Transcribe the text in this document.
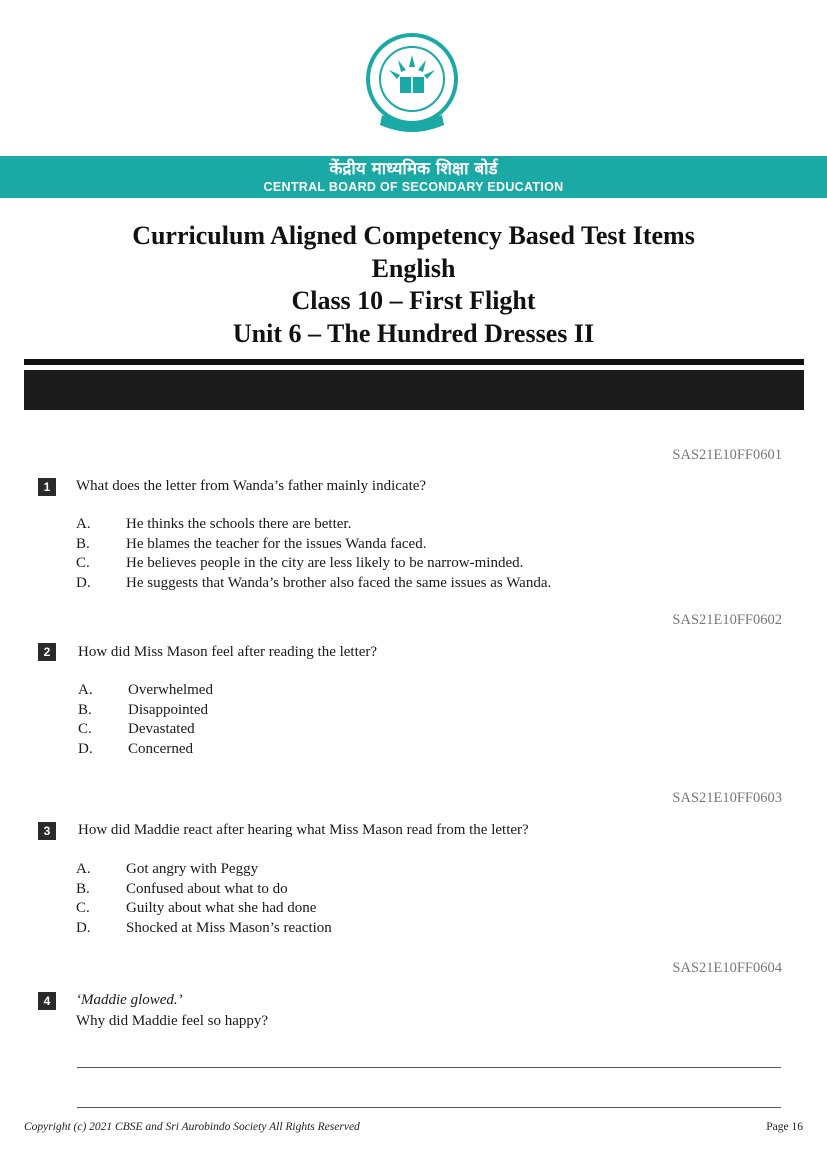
केंद्रीय माध्यमिक शिक्षा बोर्ड
CENTRAL BOARD OF SECONDARY EDUCATION
Curriculum Aligned Competency Based Test Items
English
Class 10 – First Flight
Unit 6 – The Hundred Dresses II
SAS21E10FF0601
1	What does the letter from Wanda’s father mainly indicate?
A. He thinks the schools there are better.
B. He blames the teacher for the issues Wanda faced.
C. He believes people in the city are less likely to be narrow-minded.
D. He suggests that Wanda’s brother also faced the same issues as Wanda.
SAS21E10FF0602
2	How did Miss Mason feel after reading the letter?
A. Overwhelmed
B. Disappointed
C. Devastated
D. Concerned
SAS21E10FF0603
3	How did Maddie react after hearing what Miss Mason read from the letter?
A. Got angry with Peggy
B. Confused about what to do
C. Guilty about what she had done
D. Shocked at Miss Mason’s reaction
SAS21E10FF0604
4	‘Maddie glowed.’
Why did Maddie feel so happy?
Copyright (c) 2021 CBSE and Sri Aurobindo Society All Rights Reserved	Page 16
